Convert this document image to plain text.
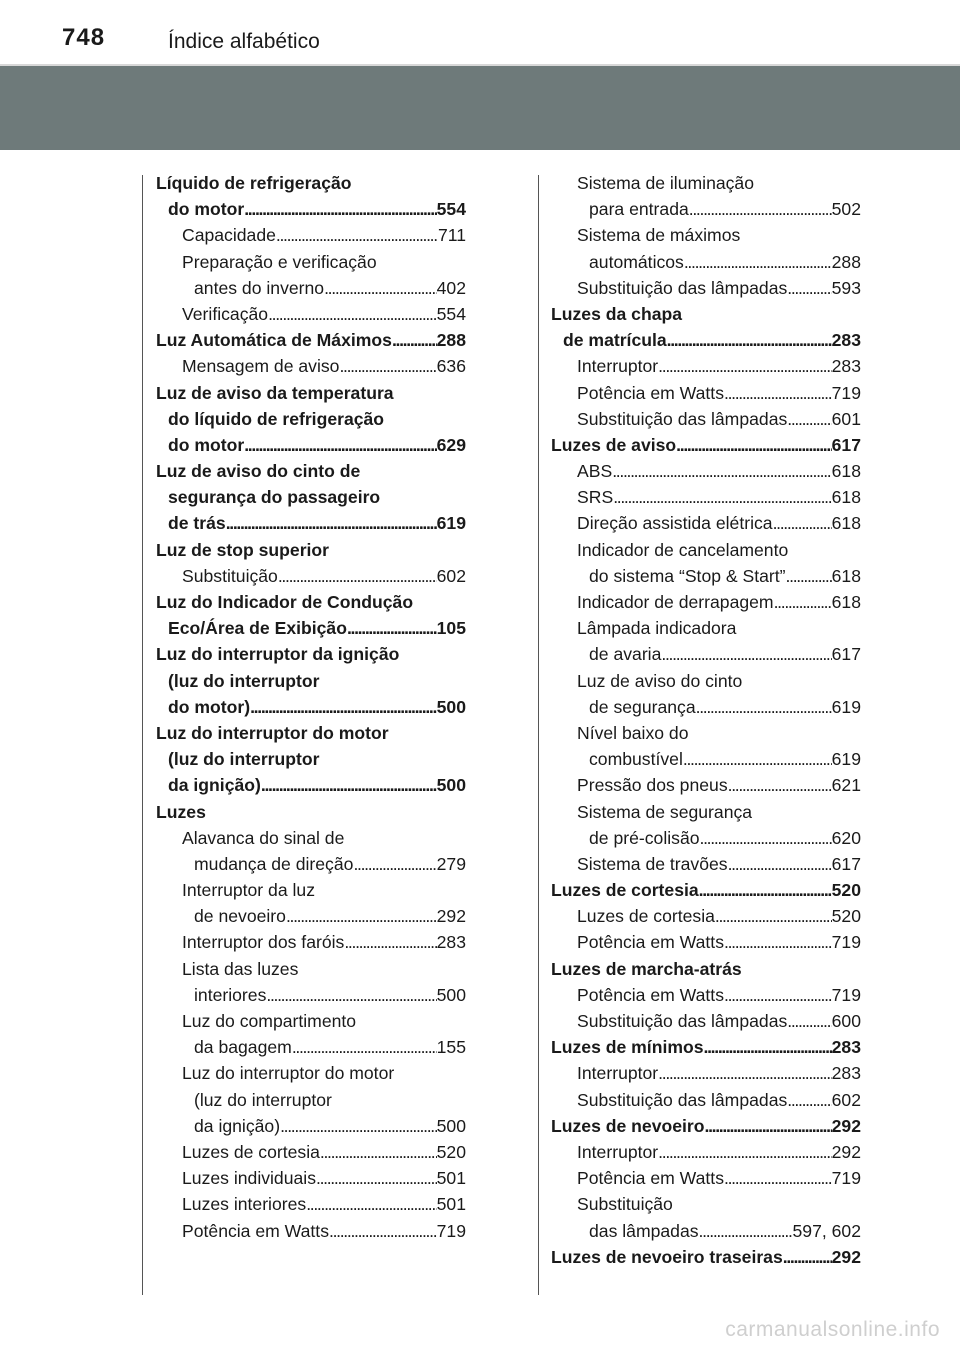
748	Índice alfabético
Líquido de refrigeração
do motor . . .	554
Capacidade . . .	711
Preparação e verificação
antes do inverno . . .	402
Verificação . . .	554
Luz Automática de Máximos . . .	288
Mensagem de aviso . . .	636
Luz de aviso da temperatura
do líquido de refrigeração
do motor . . .	629
Luz de aviso do cinto de
segurança do passageiro
de trás . . .	619
Luz de stop superior
Substituição . . .	602
Luz do Indicador de Condução
Eco/Área de Exibição . . .	105
Luz do interruptor da ignição
(luz do interruptor
do motor) . . .	500
Luz do interruptor do motor
(luz do interruptor
da ignição) . . .	500
Luzes
Alavanca do sinal de
mudança de direção . . .	279
Interruptor da luz
de nevoeiro . . .	292
Interruptor dos faróis . . .	283
Lista das luzes
interiores . . .	500
Luz do compartimento
da bagagem . . .	155
Luz do interruptor do motor
(luz do interruptor
da ignição) . . .	500
Luzes de cortesia . . .	520
Luzes individuais . . .	501
Luzes interiores . . .	501
Potência em Watts . . .	719
Sistema de iluminação
para entrada . . .	502
Sistema de máximos
automáticos . . .	288
Substituição das lâmpadas . . .	593
Luzes da chapa
de matrícula . . .	283
Interruptor . . .	283
Potência em Watts . . .	719
Substituição das lâmpadas . . .	601
Luzes de aviso . . .	617
ABS . . .	618
SRS . . .	618
Direção assistida elétrica . . .	618
Indicador de cancelamento
do sistema “Stop & Start” . . .	618
Indicador de derrapagem . . .	618
Lâmpada indicadora
de avaria . . .	617
Luz de aviso do cinto
de segurança . . .	619
Nível baixo do
combustível . . .	619
Pressão dos pneus . . .	621
Sistema de segurança
de pré-colisão . . .	620
Sistema de travões . . .	617
Luzes de cortesia . . .	520
Luzes de cortesia . . .	520
Potência em Watts . . .	719
Luzes de marcha-atrás
Potência em Watts . . .	719
Substituição das lâmpadas . . .	600
Luzes de mínimos . . .	283
Interruptor . . .	283
Substituição das lâmpadas . . .	602
Luzes de nevoeiro . . .	292
Interruptor . . .	292
Potência em Watts . . .	719
Substituição
das lâmpadas . . .	597, 602
Luzes de nevoeiro traseiras . . .	292
carmanualsonline.info
